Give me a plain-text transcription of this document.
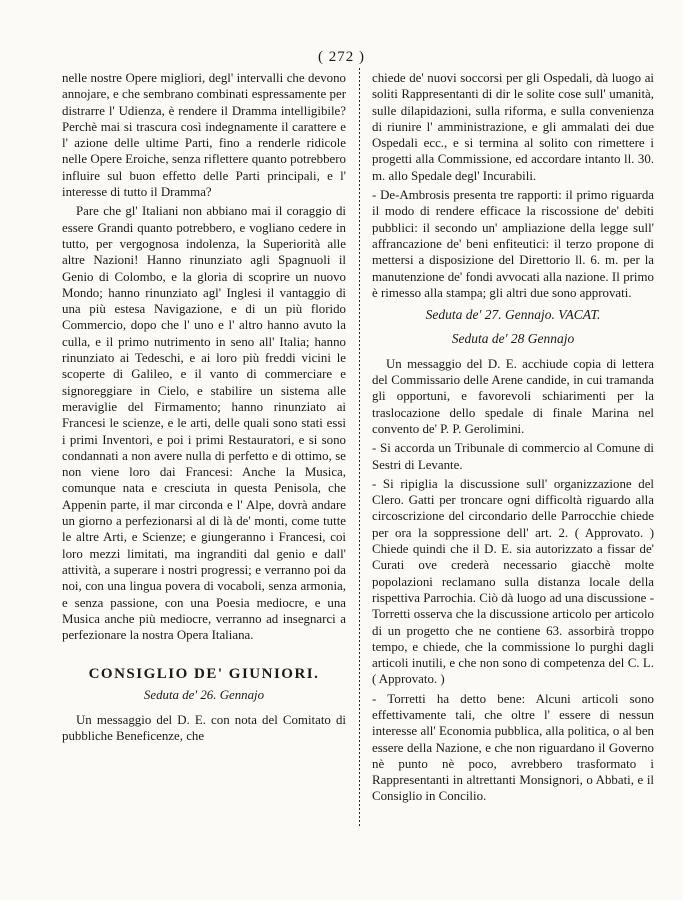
( 272 )

nelle nostre Opere migliori, degl' intervalli che devono annojare, e che sembrano combinati espressamente per distrarre l' Udienza, è rendere il Dramma intelligibile? Perchè mai si trascura così indegnamente il carattere e l' azione delle ultime Parti, fino a renderle ridicole nelle Opere Eroiche, senza riflettere quanto potrebbero influire sul buon effetto delle Parti principali, e l' interesse di tutto il Dramma?

Pare che gl' Italiani non abbiano mai il coraggio di essere Grandi quanto potrebbero, e vogliano cedere in tutto, per vergognosa indolenza, la Superiorità alle altre Nazioni! Hanno rinunziato agli Spagnuoli il Genio di Colombo, e la gloria di scoprire un nuovo Mondo; hanno rinunziato agl' Inglesi il vantaggio di una più estesa Navigazione, e di un più florido Commercio, dopo che l' uno e l' altro hanno avuto la culla, e il primo nutrimento in seno all' Italia; hanno rinunziato ai Tedeschi, e ai loro più freddi vicini le scoperte di Galileo, e il vanto di commerciare e signoreggiare in Cielo, e stabilire un sistema alle meraviglie del Firmamento; hanno rinunziato ai Francesi le scienze, e le arti, delle quali sono stati essi i primi Inventori, e poi i primi Restauratori, e si sono condannati a non avere nulla di perfetto e di ottimo, se non viene loro dai Francesi: Anche la Musica, comunque nata e cresciuta in questa Penisola, che Appenin parte, il mar circonda e l' Alpe, dovrà andare un giorno a perfezionarsi al di là de' monti, come tutte le altre Arti, e Scienze; e giungeranno i Francesi, coi loro mezzi limitati, ma ingranditi dal genio e dall' attività, a superare i nostri progressi; e verranno poi da noi, con una lingua povera di vocaboli, senza armonia, e senza passione, con una Poesia mediocre, e una Musica anche più mediocre, verranno ad insegnarci a perfezionare la nostra Opera Italiana.

CONSIGLIO DE' GIUNIORI.
Seduta de' 26. Gennajo

Un messaggio del D. E. con nota del Comitato di pubbliche Beneficenze, che

chiede de' nuovi soccorsi per gli Ospedali, dà luogo ai soliti Rappresentanti di dir le solite cose sull' umanità, sulle dilapidazioni, sulla riforma, e sulla convenienza di riunire l' amministrazione, e gli ammalati dei due Ospedali ecc., e si termina al solito con rimettere i progetti alla Commissione, ed accordare intanto ll. 30. m. allo Spedale degl' Incurabili.

- De-Ambrosis presenta tre rapporti: il primo riguarda il modo di rendere efficace la riscossione de' debiti pubblici: il secondo un' ampliazione della legge sull' affrancazione de' beni enfiteutici: il terzo propone di mettersi a disposizione del Direttorio ll. 6. m. per la manutenzione de' fondi avvocati alla nazione. Il primo è rimesso alla stampa; gli altri due sono approvati.

Seduta de' 27. Gennajo. VACAT.
Seduta de' 28 Gennajo

Un messaggio del D. E. acchiude copia di lettera del Commissario delle Arene candide, in cui tramanda gli opportuni, e favorevoli schiarimenti per la traslocazione dello spedale di finale Marina nel convento de' P. P. Gerolimini.

- Si accorda un Tribunale di commercio al Comune di Sestri di Levante.

- Si ripiglia la discussione sull' organizzazione del Clero. Gatti per troncare ogni difficoltà riguardo alla circoscrizione del circondario delle Parrocchie chiede per ora la soppressione dell' art. 2. ( Approvato. ) Chiede quindi che il D. E. sia autorizzato a fissar de' Curati ove crederà necessario giacchè molte popolazioni reclamano sulla distanza locale della rispettiva Parrochia. Ciò dà luogo ad una discussione - Torretti osserva che la discussione articolo per articolo di un progetto che ne contiene 63. assorbirà troppo tempo, e chiede, che la commissione lo purghi dagli articoli inutili, e che non sono di competenza del C. L. ( Approvato. )

- Torretti ha detto bene: Alcuni articoli sono effettivamente tali, che oltre l' essere di nessun interesse all' Economia pubblica, alla politica, o al ben essere della Nazione, e che non riguardano il Governo nè punto nè poco, avrebbero trasformato i Rappresentanti in altrettanti Monsignori, o Abbati, e il Consiglio in Concilio.
